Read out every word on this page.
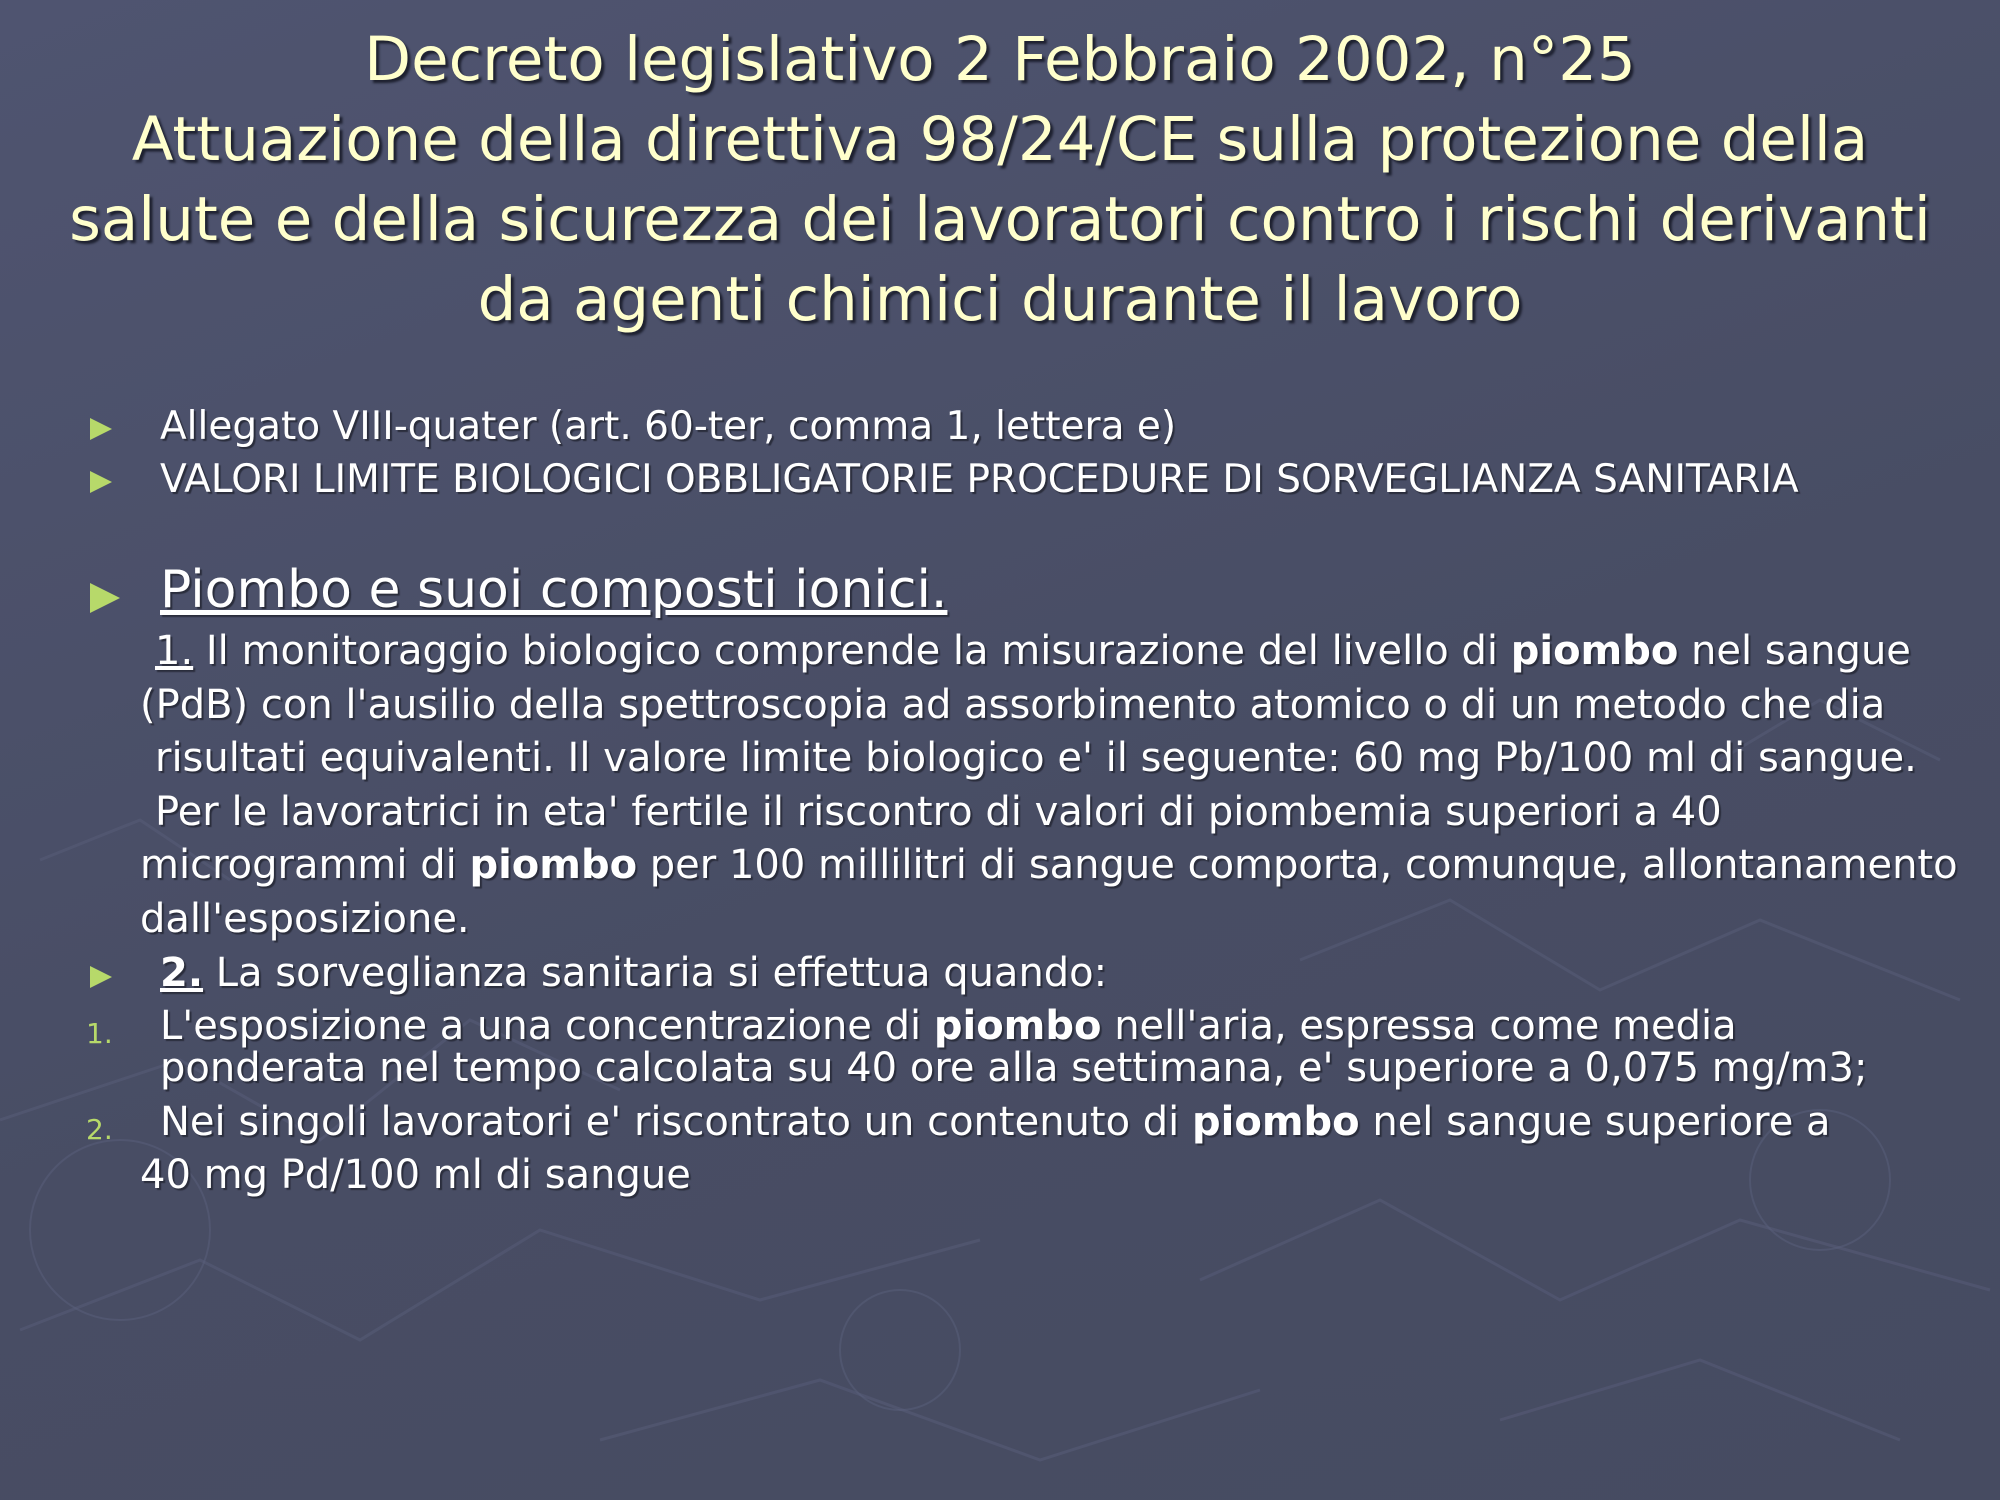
Decreto legislativo 2 Febbraio 2002, n°25
Attuazione della direttiva 98/24/CE sulla protezione della
salute e della sicurezza dei lavoratori contro i rischi derivanti
da agenti chimici durante il lavoro
Allegato VIII-quater (art. 60-ter, comma 1, lettera e)
VALORI LIMITE BIOLOGICI OBBLIGATORIE PROCEDURE DI SORVEGLIANZA SANITARIA
Piombo e suoi composti ionici.
1. Il monitoraggio biologico comprende la misurazione del livello di piombo nel sangue
(PdB) con l'ausilio della spettroscopia ad assorbimento atomico o di un metodo che dia
risultati equivalenti. Il valore limite biologico e' il seguente: 60 mg Pb/100 ml di sangue.
Per le lavoratrici in eta' fertile il riscontro di valori di piombemia superiori a 40
microgrammi di piombo per 100 millilitri di sangue comporta, comunque, allontanamento
dall'esposizione.
2. La sorveglianza sanitaria si effettua quando:
1. L'esposizione a una concentrazione di piombo nell'aria, espressa come media
ponderata nel tempo calcolata su 40 ore alla settimana, e' superiore a 0,075 mg/m3;
2. Nei singoli lavoratori e' riscontrato un contenuto di piombo nel sangue superiore a
40 mg Pd/100 ml di sangue
